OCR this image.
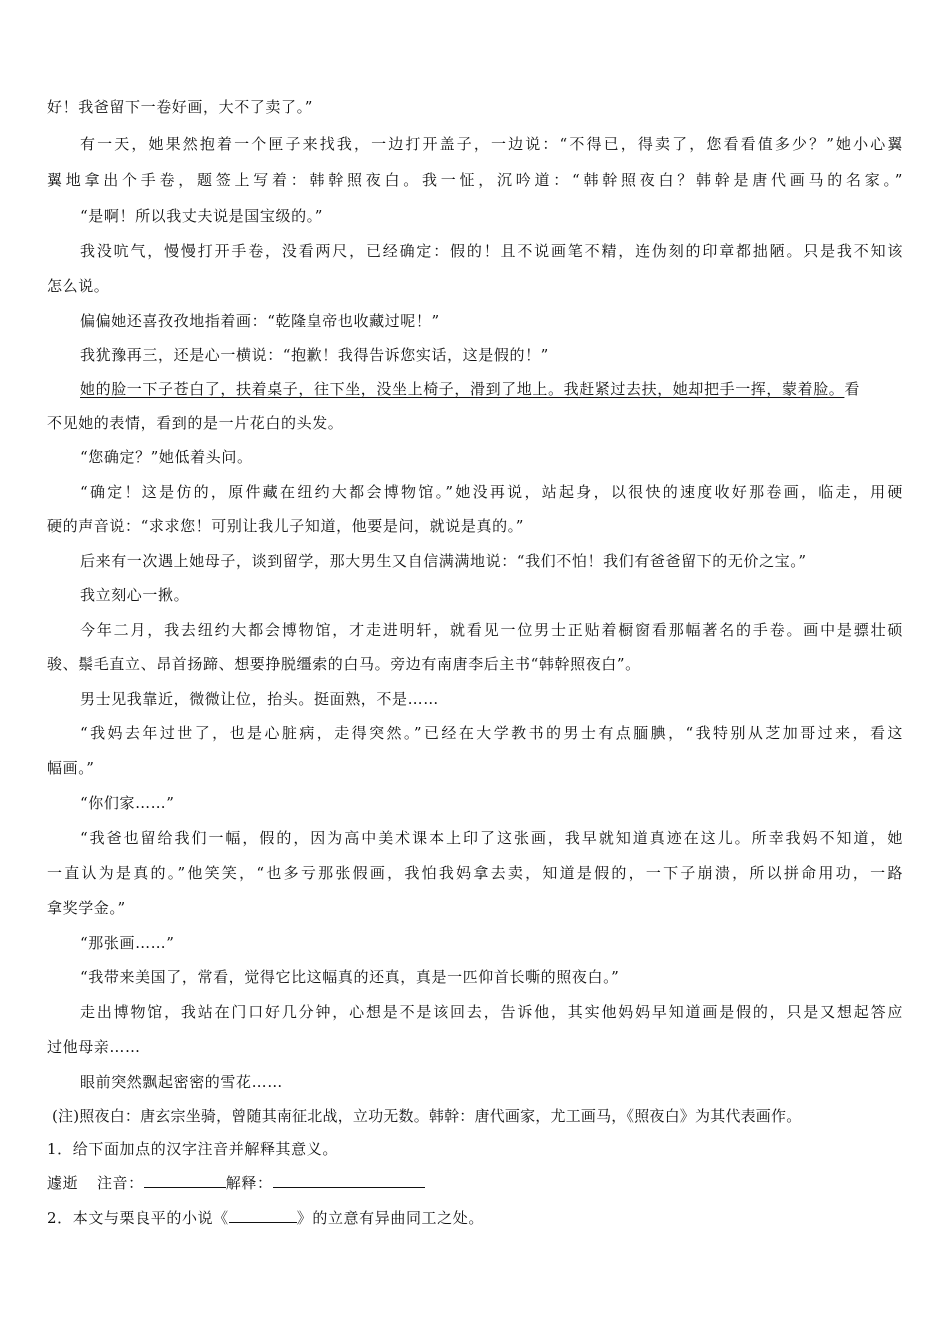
好！我爸留下一卷好画，大不了卖了。”
有一天，她果然抱着一个匣子来找我，一边打开盖子，一边说：“不得已，得卖了，您看看值多少？”她小心翼
翼地拿出个手卷，题签上写着：韩幹照夜白。我一怔，沉吟道：“韩幹照夜白？韩幹是唐代画马的名家。”
“是啊！所以我丈夫说是国宝级的。”
我没吭气，慢慢打开手卷，没看两尺，已经确定：假的！且不说画笔不精，连伪刻的印章都拙陋。只是我不知该
怎么说。
偏偏她还喜孜孜地指着画：“乾隆皇帝也收藏过呢！”
我犹豫再三，还是心一横说：“抱歉！我得告诉您实话，这是假的！”
她的脸一下子苍白了，扶着桌子，往下坐，没坐上椅子，滑到了地上。我赶紧过去扶，她却把手一挥，蒙着脸。看
不见她的表情，看到的是一片花白的头发。
“您确定？”她低着头问。
“确定！这是仿的，原件藏在纽约大都会博物馆。”她没再说，站起身，以很快的速度收好那卷画，临走，用硬
硬的声音说：“求求您！可别让我儿子知道，他要是问，就说是真的。”
后来有一次遇上她母子，谈到留学，那大男生又自信满满地说：“我们不怕！我们有爸爸留下的无价之宝。”
我立刻心一揪。
今年二月，我去纽约大都会博物馆，才走进明轩，就看见一位男士正贴着橱窗看那幅著名的手卷。画中是骠壮硕
骏、鬃毛直立、昂首扬蹄、想要挣脱缰索的白马。旁边有南唐李后主书“韩幹照夜白”。
男士见我靠近，微微让位，抬头。挺面熟，不是……
“我妈去年过世了，也是心脏病，走得突然。”已经在大学教书的男士有点腼腆，“我特别从芝加哥过来，看这
幅画。”
“你们家……”
“我爸也留给我们一幅，假的，因为高中美术课本上印了这张画，我早就知道真迹在这儿。所幸我妈不知道，她
一直认为是真的。”他笑笑，“也多亏那张假画，我怕我妈拿去卖，知道是假的，一下子崩溃，所以拼命用功，一路
拿奖学金。”
“那张画……”
“我带来美国了，常看，觉得它比这幅真的还真，真是一匹仰首长嘶的照夜白。”
走出博物馆，我站在门口好几分钟，心想是不是该回去，告诉他，其实他妈妈早知道画是假的，只是又想起答应
过他母亲……
眼前突然飘起密密的雪花……
(注)照夜白：唐玄宗坐骑，曾随其南征北战，立功无数。韩幹：唐代画家，尤工画马，《照夜白》为其代表画作。
1．给下面加点的汉字注音并解释其意义。
遽逝 注音：	解释：
2．本文与栗良平的小说《	》的立意有异曲同工之处。
